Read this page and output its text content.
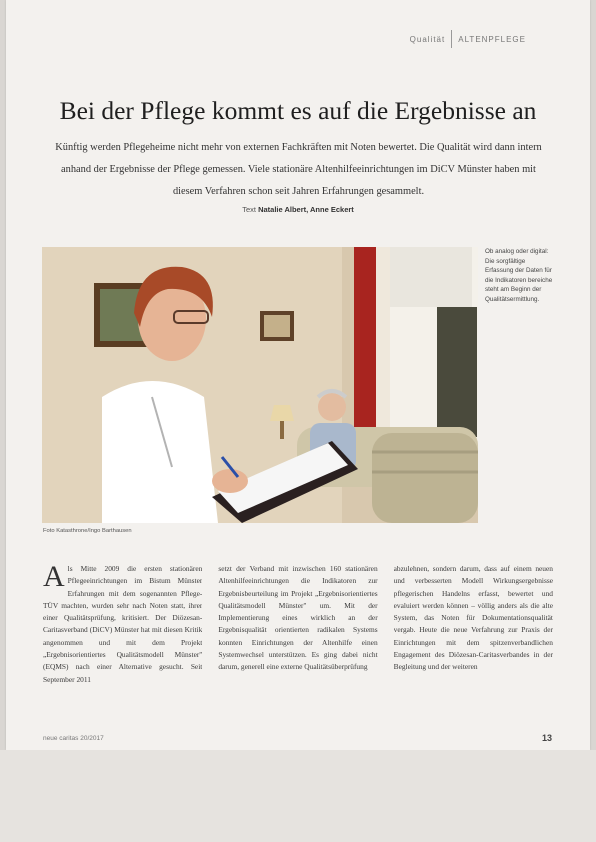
Qualität ALTENPFLEGE
Bei der Pflege kommt es auf die Ergebnisse an

Künftig werden Pflegeheime nicht mehr von externen Fachkräften mit Noten bewertet. Die Qualität wird dann intern anhand der Ergebnisse der Pflege gemessen. Viele stationäre Altenhilfeeinrichtungen im DiCV Münster haben mit diesem Verfahren schon seit Jahren Erfahrungen gesammelt.

Text Natalie Albert, Anne Eckert

Ob analog oder digital: Die sorgfältige Erfassung der Daten für die Indikatoren bereiche steht am Beginn der Qualitätsermittlung.

Foto Katasthrone/Ingo Barthausen

Als Mitte 2009 die ersten stationären Pflegeeinrichtungen im Bistum Münster Erfahrungen mit dem sogenannten Pflege-TÜV machten, wurden sehr nach Noten statt, ihrer einer Qualitätsprüfung, kritisiert. Der Diözesan-Caritasverband (DiCV) Münster hat mit diesen Kritik angenommen und mit dem Projekt „Ergebnisorientiertes Qualitätsmodell Münster" (EQMS) nach einer Alternative gesucht. Seit September 2011

setzt der Verband mit inzwischen 160 stationären Altenhilfeeinrichtungen die Indikatoren zur Ergebnisbeurteilung im Projekt „Ergebnisorientiertes Qualitätsmodell Münster" um. Mit der Implementierung eines wirklich an der Ergebnisqualität orientierten radikalen Systems konnten Einrichtungen der Altenhilfe einen Systemwechsel unterstützen. Es ging dabei nicht darum, generell eine externe Qualitätsüberprüfung

abzulehnen, sondern darum, dass auf einem neuen und verbesserten Modell Wirkungsergebnisse pflegerischen Handelns erfasst, bewertet und evaluiert werden können – völlig anders als die alte System, das Noten für Dokumentationsqualität vergab. Heute die neue Verfahrung zur Praxis der Einrichtungen mit dem spitzenverbandlichen Engagement des Diözesan-Caritasverbandes in der Begleitung und der weiteren

neue caritas 20/2017	13
